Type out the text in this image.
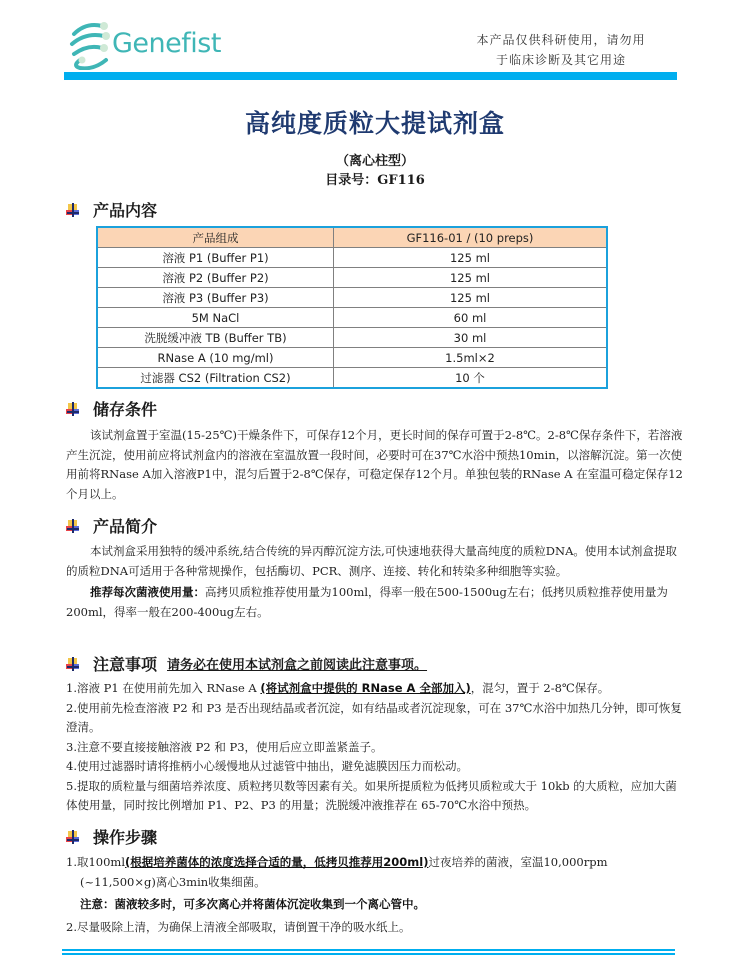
Genefist	本产品仅供科研使用，请勿用
于临床诊断及其它用途
高纯度质粒大提试剂盒
（离心柱型）
目录号：GF116
产品内容
产品组成	GF116-01 / (10 preps)
溶液 P1 (Buffer P1)	125 ml
溶液 P2 (Buffer P2)	125 ml
溶液 P3 (Buffer P3)	125 ml
5M NaCl	60 ml
洗脱缓冲液 TB (Buffer TB)	30 ml
RNase A (10 mg/ml)	1.5ml×2
过滤器 CS2 (Filtration CS2)	10 个
储存条件

该试剂盒置于室温(15-25℃)干燥条件下，可保存12个月，更长时间的保存可置于2-8℃。2-8℃保存条件下，若溶液产生沉淀，使用前应将试剂盒内的溶液在室温放置一段时间，必要时可在37℃水浴中预热10min，以溶解沉淀。第一次使用前将RNase A加入溶液P1中，混匀后置于2-8℃保存，可稳定保存12个月。单独包装的RNase A 在室温可稳定保存12个月以上。

产品简介

本试剂盒采用独特的缓冲系统,结合传统的异丙醇沉淀方法,可快速地获得大量高纯度的质粒DNA。使用本试剂盒提取的质粒DNA可适用于各种常规操作，包括酶切、PCR、测序、连接、转化和转染多种细胞等实验。

推荐每次菌液使用量：高拷贝质粒推荐使用量为100ml，得率一般在500-1500ug左右；低拷贝质粒推荐使用量为200ml，得率一般在200-400ug左右。

注意事项 请务必在使用本试剂盒之前阅读此注意事项。

1.溶液 P1 在使用前先加入 RNase A (将试剂盒中提供的 RNase A 全部加入)，混匀，置于 2-8℃保存。

2.使用前先检查溶液 P2 和 P3 是否出现结晶或者沉淀，如有结晶或者沉淀现象，可在 37℃水浴中加热几分钟，即可恢复澄清。

3.注意不要直接接触溶液 P2 和 P3，使用后应立即盖紧盖子。

4.使用过滤器时请将推柄小心缓慢地从过滤管中抽出，避免滤膜因压力而松动。

5.提取的质粒量与细菌培养浓度、质粒拷贝数等因素有关。如果所提质粒为低拷贝质粒或大于 10kb 的大质粒，应加大菌体使用量，同时按比例增加 P1、P2、P3 的用量；洗脱缓冲液推荐在 65-70℃水浴中预热。

操作步骤

1.取100ml(根据培养菌体的浓度选择合适的量，低拷贝推荐用200ml)过夜培养的菌液，室温10,000rpm

(~11,500×g)离心3min收集细菌。

注意：菌液较多时，可多次离心并将菌体沉淀收集到一个离心管中。

2.尽量吸除上清，为确保上清液全部吸取，请倒置干净的吸水纸上。
